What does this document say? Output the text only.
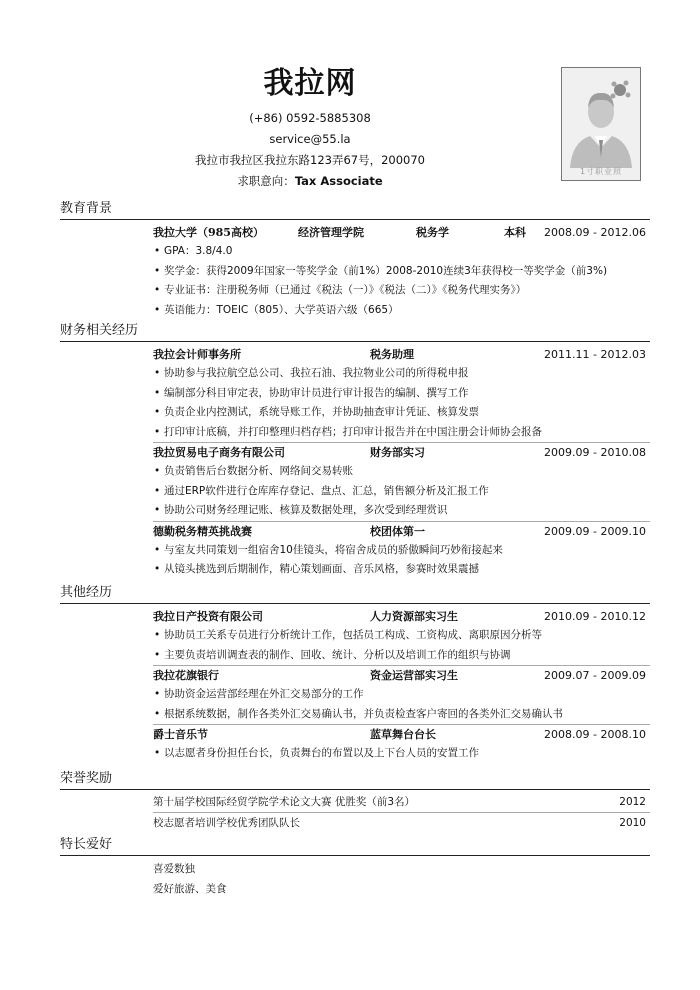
我拉网
(+86) 0592-5885308
service@55.la
我拉市我拉区我拉东路123弄67号，200070
求职意向：Tax Associate
1寸职业照
教育背景
我拉大学（985高校）	经济管理学院	税务学	本科 2008.09 - 2012.06
• GPA：3.8/4.0
• 奖学金：获得2009年国家一等奖学金（前1%）2008-2010连续3年获得校一等奖学金（前3%)
• 专业证书：注册税务师（已通过《税法（一）》《税法（二）》《税务代理实务》）
• 英语能力：TOEIC（805）、大学英语六级（665）
财务相关经历
我拉会计师事务所	税务助理	2011.11 - 2012.03
• 协助参与我拉航空总公司、我拉石油、我拉物业公司的所得税申报
• 编制部分科目审定表，协助审计员进行审计报告的编制、撰写工作
• 负责企业内控测试，系统导账工作，并协助抽查审计凭证、核算发票
• 打印审计底稿，并打印整理归档存档；打印审计报告并在中国注册会计师协会报备
我拉贸易电子商务有限公司	财务部实习	2009.09 - 2010.08
• 负责销售后台数据分析、网络间交易转账
• 通过ERP软件进行仓库库存登记、盘点、汇总，销售额分析及汇报工作
• 协助公司财务经理记账、核算及数据处理，多次受到经理赏识
德勤税务精英挑战赛	校团体第一	2009.09 - 2009.10
• 与室友共同策划一组宿舍10佳镜头，将宿舍成员的骄傲瞬间巧妙衔接起来
• 从镜头挑选到后期制作，精心策划画面、音乐风格，参赛时效果震撼
其他经历
我拉日产投资有限公司	人力资源部实习生	2010.09 - 2010.12
• 协助员工关系专员进行分析统计工作，包括员工构成、工资构成、离职原因分析等
• 主要负责培训调查表的制作、回收、统计、分析以及培训工作的组织与协调
我拉花旗银行	资金运营部实习生	2009.07 - 2009.09
• 协助资金运营部经理在外汇交易部分的工作
• 根据系统数据，制作各类外汇交易确认书，并负责检查客户寄回的各类外汇交易确认书
爵士音乐节	蓝草舞台台长	2008.09 - 2008.10
• 以志愿者身份担任台长，负责舞台的布置以及上下台人员的安置工作
荣誉奖励
第十届学校国际经贸学院学术论文大赛 优胜奖（前3名）	2012
校志愿者培训学校优秀团队队长	2010
特长爱好
喜爱数独
爱好旅游、美食
